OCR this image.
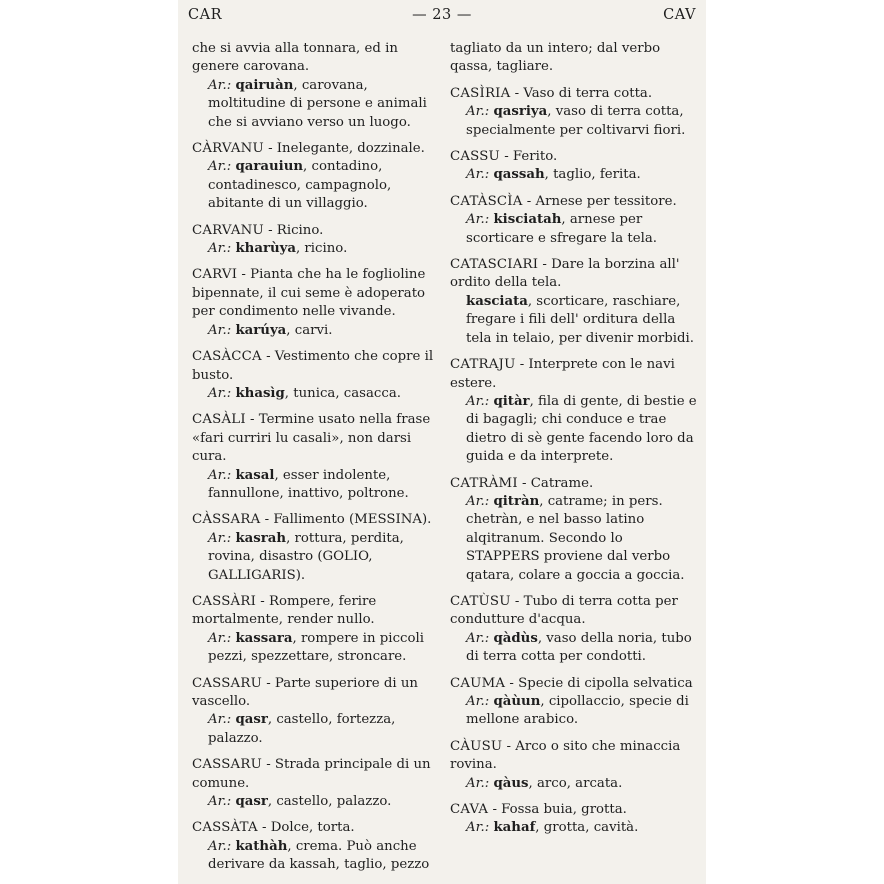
CAR	— 23 —	CAV
che si avvia alla tonnara, ed in genere carovana.
Ar.: qairuàn, carovana, moltitudine di persone e animali che si avviano verso un luogo.
CÀRVANU - Inelegante, dozzinale.
Ar.: qarauiun, contadino, contadinesco, campagnolo, abitante di un villaggio.
CARVANU - Ricino.
Ar.: kharùya, ricino.
CARVI - Pianta che ha le foglioline bipennate, il cui seme è adoperato per condimento nelle vivande.
Ar.: karúya, carvi.
CASÀCCA - Vestimento che copre il busto.
Ar.: khasìg, tunica, casacca.
CASÀLI - Termine usato nella frase «fari curriri lu casali», non darsi cura.
Ar.: kasal, esser indolente, fannullone, inattivo, poltrone.
CÀSSARA - Fallimento (MESSINA).
Ar.: kasrah, rottura, perdita, rovina, disastro (GOLIO, GALLIGARIS).
CASSÀRI - Rompere, ferire mortalmente, render nullo.
Ar.: kassara, rompere in piccoli pezzi, spezzettare, stroncare.
CASSARU - Parte superiore di un vascello.
Ar.: qasr, castello, fortezza, palazzo.
CASSARU - Strada principale di un comune.
Ar.: qasr, castello, palazzo.
CASSÀTA - Dolce, torta.
Ar.: kathàh, crema. Può anche derivare da kassah, taglio, pezzo
tagliato da un intero; dal verbo qassa, tagliare.
CASÌRIA - Vaso di terra cotta.
Ar.: qasriya, vaso di terra cotta, specialmente per coltivarvi fiori.
CASSU - Ferito.
Ar.: qassah, taglio, ferita.
CATÀSCÌA - Arnese per tessitore.
Ar.: kisciatah, arnese per scorticare e sfregare la tela.
CATASCIARI - Dare la borzina all' ordito della tela.
kasciata, scorticare, raschiare, fregare i fili dell' orditura della tela in telaio, per divenir morbidi.
CATRAJU - Interprete con le navi estere.
Ar.: qitàr, fila di gente, di bestie e di bagagli; chi conduce e trae dietro di sè gente facendo loro da guida e da interprete.
CATRÀMI - Catrame.
Ar.: qitràn, catrame; in pers. chetràn, e nel basso latino alqitranum. Secondo lo STAPPERS proviene dal verbo qatara, colare a goccia a goccia.
CATÙSU - Tubo di terra cotta per condutture d'acqua.
Ar.: qàdùs, vaso della noria, tubo di terra cotta per condotti.
CAUMA - Specie di cipolla selvatica
Ar.: qàùun, cipollaccio, specie di mellone arabico.
CÀUSU - Arco o sito che minaccia rovina.
Ar.: qàus, arco, arcata.
CAVA - Fossa buia, grotta.
Ar.: kahaf, grotta, cavità.
